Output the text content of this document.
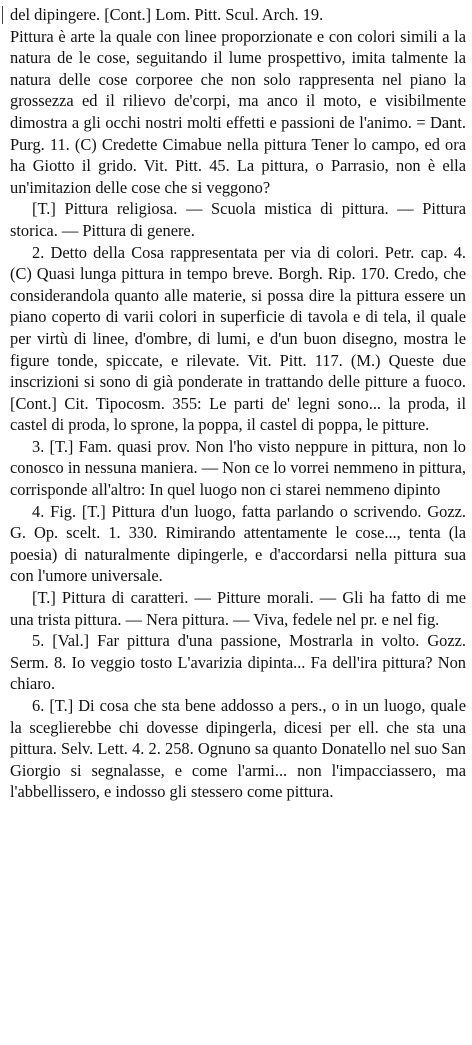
del dipingere. [Cont.] Lom. Pitt. Scul. Arch. 19.

Pittura è arte la quale con linee proporzionate e con colori simili a la natura de le cose, seguitando il lume prospettivo, imita talmente la natura delle cose corporee che non solo rappresenta nel piano la grossezza ed il rilievo de'corpi, ma anco il moto, e visibilmente dimostra a gli occhi nostri molti effetti e passioni de l'animo. = Dant. Purg. 11. (C) Credette Cimabue nella pittura Tener lo campo, ed ora ha Giotto il grido. Vit. Pitt. 45. La pittura, o Parrasio, non è ella un'imitazion delle cose che si veggono?

[T.] Pittura religiosa. — Scuola mistica di pittura. — Pittura storica. — Pittura di genere.

2. Detto della Cosa rappresentata per via di colori. Petr. cap. 4. (C) Quasi lunga pittura in tempo breve. Borgh. Rip. 170. Credo, che considerandola quanto alle materie, si possa dire la pittura essere un piano coperto di varii colori in superficie di tavola e di tela, il quale per virtù di linee, d'ombre, di lumi, e d'un buon disegno, mostra le figure tonde, spiccate, e rilevate. Vit. Pitt. 117. (M.) Queste due inscrizioni si sono di già ponderate in trattando delle pitture a fuoco. [Cont.] Cit. Tipocosm. 355: Le parti de' legni sono... la proda, il castel di proda, lo sprone, la poppa, il castel di poppa, le pitture.

3. [T.] Fam. quasi prov. Non l'ho visto neppure in pittura, non lo conosco in nessuna maniera. — Non ce lo vorrei nemmeno in pittura, corrisponde all'altro: In quel luogo non ci starei nemmeno dipinto

4. Fig. [T.] Pittura d'un luogo, fatta parlando o scrivendo. Gozz. G. Op. scelt. 1. 330. Rimirando attentamente le cose..., tenta (la poesia) di naturalmente dipingerle, e d'accordarsi nella pittura sua con l'umore universale.

[T.] Pittura di caratteri. — Pitture morali. — Gli ha fatto di me una trista pittura. — Nera pittura. — Viva, fedele nel pr. e nel fig.

5. [Val.] Far pittura d'una passione, Mostrarla in volto. Gozz. Serm. 8. Io veggio tosto L'avarizia dipinta... Fa dell'ira pittura? Non chiaro.

6. [T.] Di cosa che sta bene addosso a pers., o in un luogo, quale la sceglierebbe chi dovesse dipingerla, dicesi per ell. che sta una pittura. Selv. Lett. 4. 2. 258. Ognuno sa quanto Donatello nel suo San Giorgio si segnalasse, e come l'armi... non l'impacciassero, ma l'abbellissero, e indosso gli stessero come pittura.
